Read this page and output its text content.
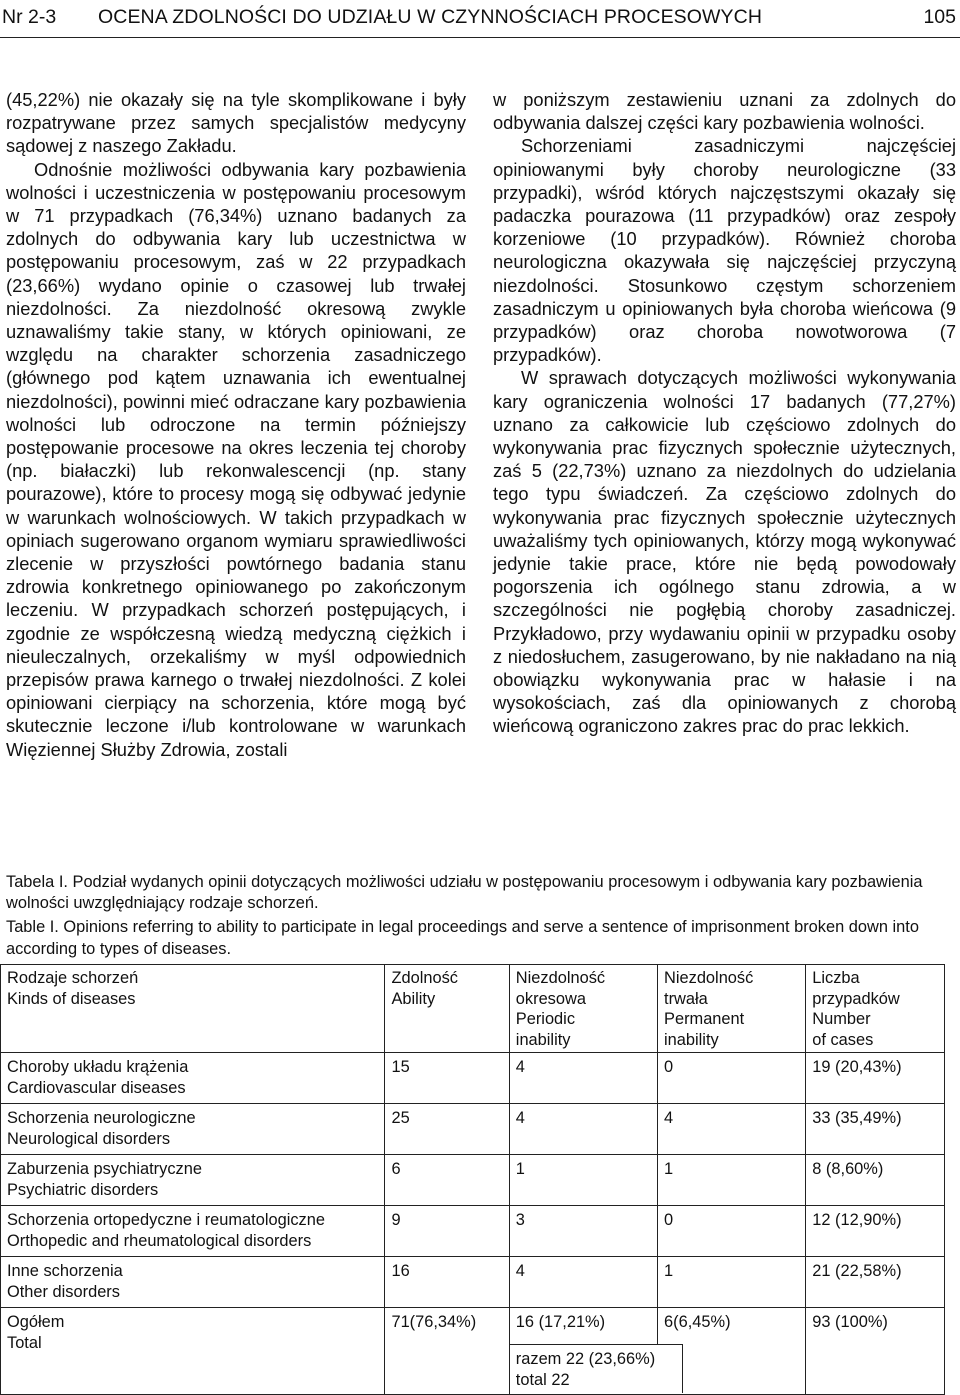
Nr 2-3 OCENA ZDOLNOŚCI DO UDZIAŁU W CZYNNOŚCIACH PROCESOWYCH	105

(45,22%) nie okazały się na tyle skomplikowane i były rozpatrywane przez samych specjalistów medycyny sądowej z naszego Zakładu.

Odnośnie możliwości odbywania kary pozbawienia wolności i uczestniczenia w postępowaniu procesowym w 71 przypadkach (76,34%) uznano badanych za zdolnych do odbywania kary lub uczestnictwa w postępowaniu procesowym, zaś w 22 przypadkach (23,66%) wydano opinie o czasowej lub trwałej niezdolności. Za niezdolność okresową zwykle uznawaliśmy takie stany, w których opiniowani, ze względu na charakter schorzenia zasadniczego (głównego pod kątem uznawania ich ewentualnej niezdolności), powinni mieć odraczane kary pozbawienia wolności lub odroczone na termin późniejszy postępowanie procesowe na okres leczenia tej choroby (np. białaczki) lub rekonwalescencji (np. stany pourazowe), które to procesy mogą się odbywać jedynie w warunkach wolnościowych. W takich przypadkach w opiniach sugerowano organom wymiaru sprawiedliwości zlecenie w przyszłości powtórnego badania stanu zdrowia konkretnego opiniowanego po zakończonym leczeniu. W przypadkach schorzeń postępujących, i zgodnie ze współczesną wiedzą medyczną ciężkich i nieuleczalnych, orzekaliśmy w myśl odpowiednich przepisów prawa karnego o trwałej niezdolności. Z kolei opiniowani cierpiący na schorzenia, które mogą być skutecznie leczone i/lub kontrolowane w warunkach Więziennej Służby Zdrowia, zostali

w poniższym zestawieniu uznani za zdolnych do odbywania dalszej części kary pozbawienia wolności.

Schorzeniami zasadniczymi najczęściej opiniowanymi były choroby neurologiczne (33 przypadki), wśród których najczęstszymi okazały się padaczka pourazowa (11 przypadków) oraz zespoły korzeniowe (10 przypadków). Również choroba neurologiczna okazywała się najczęściej przyczyną niezdolności. Stosunkowo częstym schorzeniem zasadniczym u opiniowanych była choroba wieńcowa (9 przypadków) oraz choroba nowotworowa (7 przypadków).

W sprawach dotyczących możliwości wykonywania kary ograniczenia wolności 17 badanych (77,27%) uznano za całkowicie lub częściowo zdolnych do wykonywania prac fizycznych społecznie użytecznych, zaś 5 (22,73%) uznano za niezdolnych do udzielania tego typu świadczeń. Za częściowo zdolnych do wykonywania prac fizycznych społecznie użytecznych uważaliśmy tych opiniowanych, którzy mogą wykonywać jedynie takie prace, które nie będą powodowały pogorszenia ich ogólnego stanu zdrowia, a w szczególności nie pogłębią choroby zasadniczej. Przykładowo, przy wydawaniu opinii w przypadku osoby z niedosłuchem, zasugerowano, by nie nakładano na nią obowiązku wykonywania prac w hałasie i na wysokościach, zaś dla opiniowanych z chorobą wieńcową ograniczono zakres prac do prac lekkich.

Tabela I. Podział wydanych opinii dotyczących możliwości udziału w postępowaniu procesowym i odbywania kary pozbawienia wolności uwzględniający rodzaje schorzeń.

Table I. Opinions referring to ability to participate in legal proceedings and serve a sentence of imprisonment broken down into according to types of diseases.

Rodzaje schorzeń
Kinds of diseases	Zdolność
Ability	Niezdolność
okresowa
Periodic
inability	Niezdolność
trwała
Permanent
inability	Liczba
przypadków
Number
of cases

Choroby układu krążenia
Cardiovascular diseases	15	4	0	19 (20,43%)

Schorzenia neurologiczne
Neurological disorders	25	4	4	33 (35,49%)

Zaburzenia psychiatryczne
Psychiatric disorders	6	1	1	8 (8,60%)

Schorzenia ortopedyczne i reumatologiczne
Orthopedic and rheumatological disorders	9	3	0	12 (12,90%)

Inne schorzenia
Other disorders	16	4	1	21 (22,58%)

Ogółem
Total	71(76,34%)	16 (17,21%)	6(6,45%)	93 (100%)

		razem 22 (23,66%)
total 22		
